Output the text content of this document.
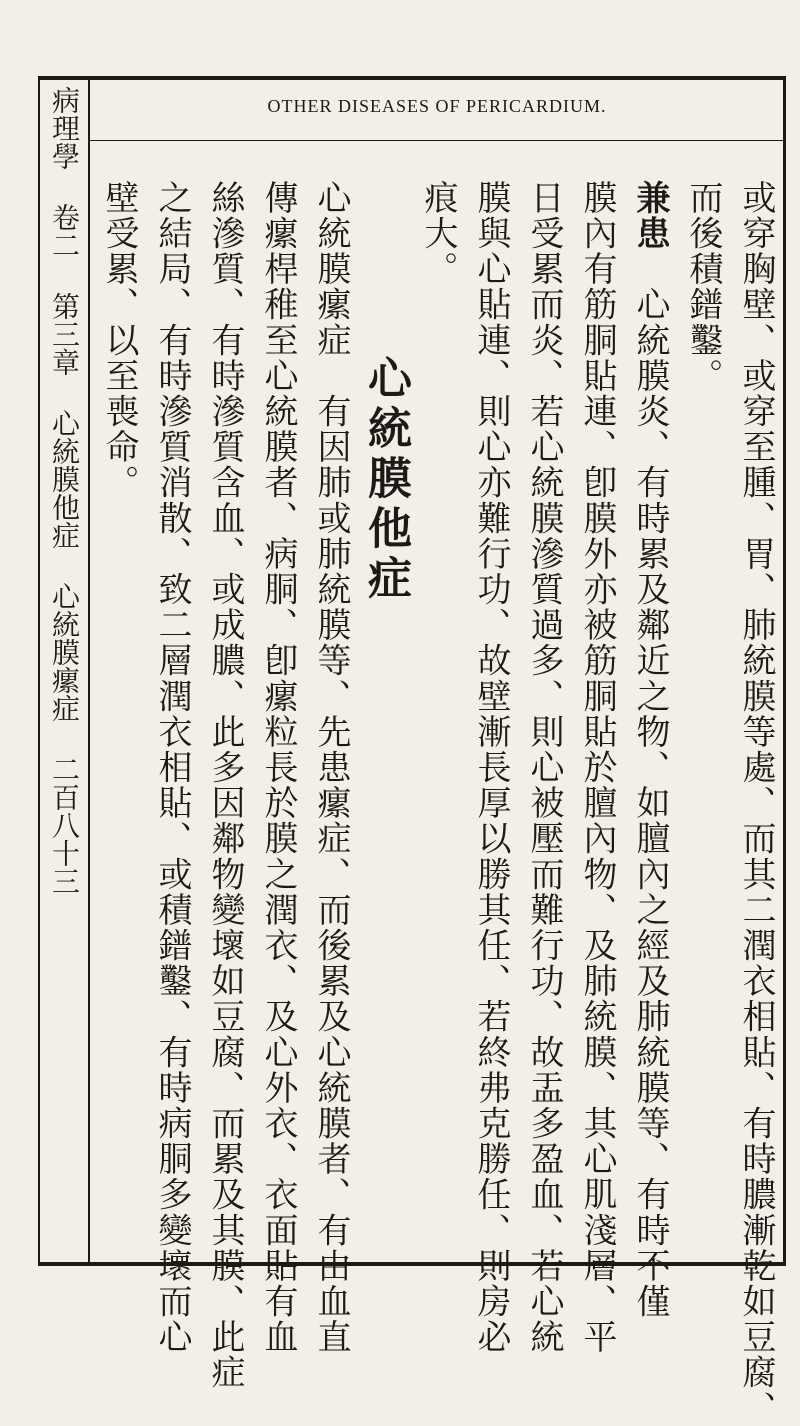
病理學 卷二 第三章 心統膜他症 心統膜瘰症 二百八十三	OTHER DISEASES OF PERICARDIUM.
或穿胸壁、或穿至腫、胃、肺統膜等處、而其二潤衣相貼、有時膿漸乾如豆腐、
而後積鐠鑿。
兼患　心統膜炎、有時累及鄰近之物、如膻內之經及肺統膜等、有時不僅
膜內有筋胴貼連、卽膜外亦被筋胴貼於膻內物、及肺統膜、其心肌淺層、平
日受累而炎、若心統膜滲質過多、則心被壓而難行功、故盂多盈血、若心統
膜與心貼連、則心亦難行功、故壁漸長厚以勝其任、若終弗克勝任、則房必
痕大。
心統膜他症
心統膜瘰症　有因肺或肺統膜等、先患瘰症、而後累及心統膜者、有由血直
傳瘰桿稚至心統膜者、病胴、卽瘰粒長於膜之潤衣、及心外衣、衣面貼有血
絲滲質、有時滲質含血、或成膿、此多因鄰物變壞如豆腐、而累及其膜、此症
之結局、有時滲質消散、致二層潤衣相貼、或積鐠鑿、有時病胴多變壞而心
壁受累、以至喪命。
